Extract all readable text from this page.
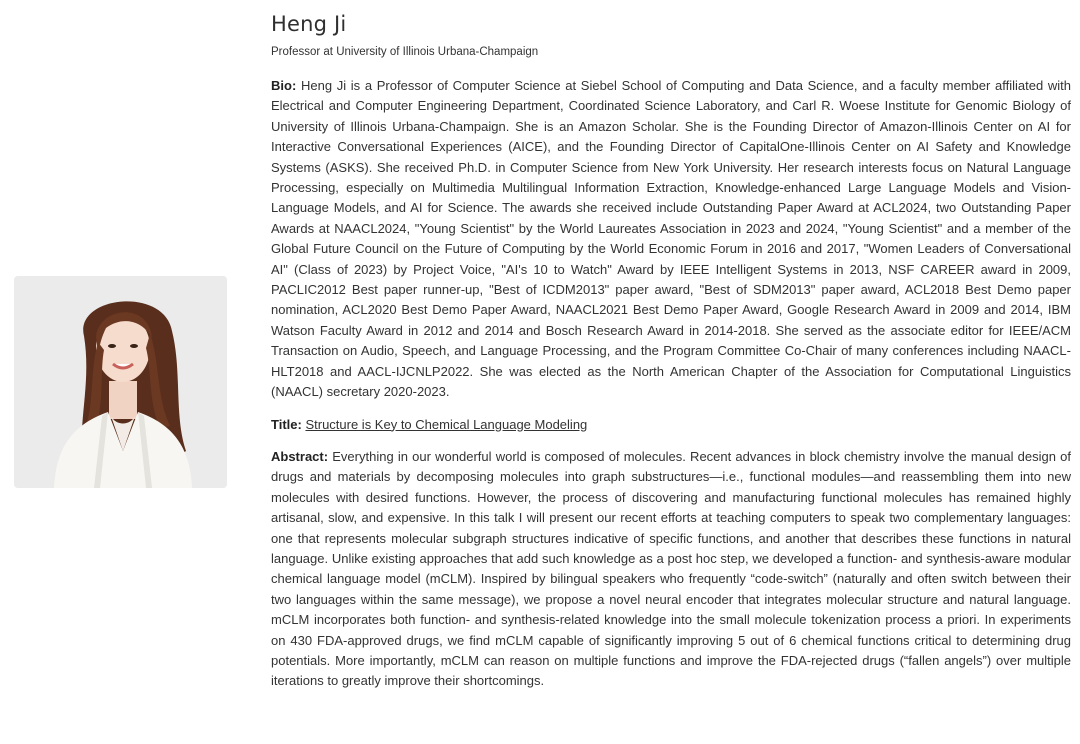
Heng Ji

Professor at University of Illinois Urbana-Champaign

Bio: Heng Ji is a Professor of Computer Science at Siebel School of Computing and Data Science, and a faculty member affiliated with Electrical and Computer Engineering Department, Coordinated Science Laboratory, and Carl R. Woese Institute for Genomic Biology of University of Illinois Urbana-Champaign. She is an Amazon Scholar. She is the Founding Director of Amazon-Illinois Center on AI for Interactive Conversational Experiences (AICE), and the Founding Director of CapitalOne-Illinois Center on AI Safety and Knowledge Systems (ASKS). She received Ph.D. in Computer Science from New York University. Her research interests focus on Natural Language Processing, especially on Multimedia Multilingual Information Extraction, Knowledge-enhanced Large Language Models and Vision-Language Models, and AI for Science. The awards she received include Outstanding Paper Award at ACL2024, two Outstanding Paper Awards at NAACL2024, "Young Scientist" by the World Laureates Association in 2023 and 2024, "Young Scientist" and a member of the Global Future Council on the Future of Computing by the World Economic Forum in 2016 and 2017, "Women Leaders of Conversational AI" (Class of 2023) by Project Voice, "AI's 10 to Watch" Award by IEEE Intelligent Systems in 2013, NSF CAREER award in 2009, PACLIC2012 Best paper runner-up, "Best of ICDM2013" paper award, "Best of SDM2013" paper award, ACL2018 Best Demo paper nomination, ACL2020 Best Demo Paper Award, NAACL2021 Best Demo Paper Award, Google Research Award in 2009 and 2014, IBM Watson Faculty Award in 2012 and 2014 and Bosch Research Award in 2014-2018. She served as the associate editor for IEEE/ACM Transaction on Audio, Speech, and Language Processing, and the Program Committee Co-Chair of many conferences including NAACL-HLT2018 and AACL-IJCNLP2022. She was elected as the North American Chapter of the Association for Computational Linguistics (NAACL) secretary 2020-2023.

Title: Structure is Key to Chemical Language Modeling

Abstract: Everything in our wonderful world is composed of molecules. Recent advances in block chemistry involve the manual design of drugs and materials by decomposing molecules into graph substructures—i.e., functional modules—and reassembling them into new molecules with desired functions. However, the process of discovering and manufacturing functional molecules has remained highly artisanal, slow, and expensive. In this talk I will present our recent efforts at teaching computers to speak two complementary languages: one that represents molecular subgraph structures indicative of specific functions, and another that describes these functions in natural language. Unlike existing approaches that add such knowledge as a post hoc step, we developed a function- and synthesis-aware modular chemical language model (mCLM). Inspired by bilingual speakers who frequently “code-switch” (naturally and often switch between their two languages within the same message), we propose a novel neural encoder that integrates molecular structure and natural language. mCLM incorporates both function- and synthesis-related knowledge into the small molecule tokenization process a priori. In experiments on 430 FDA-approved drugs, we find mCLM capable of significantly improving 5 out of 6 chemical functions critical to determining drug potentials. More importantly, mCLM can reason on multiple functions and improve the FDA-rejected drugs (“fallen angels”) over multiple iterations to greatly improve their shortcomings.
